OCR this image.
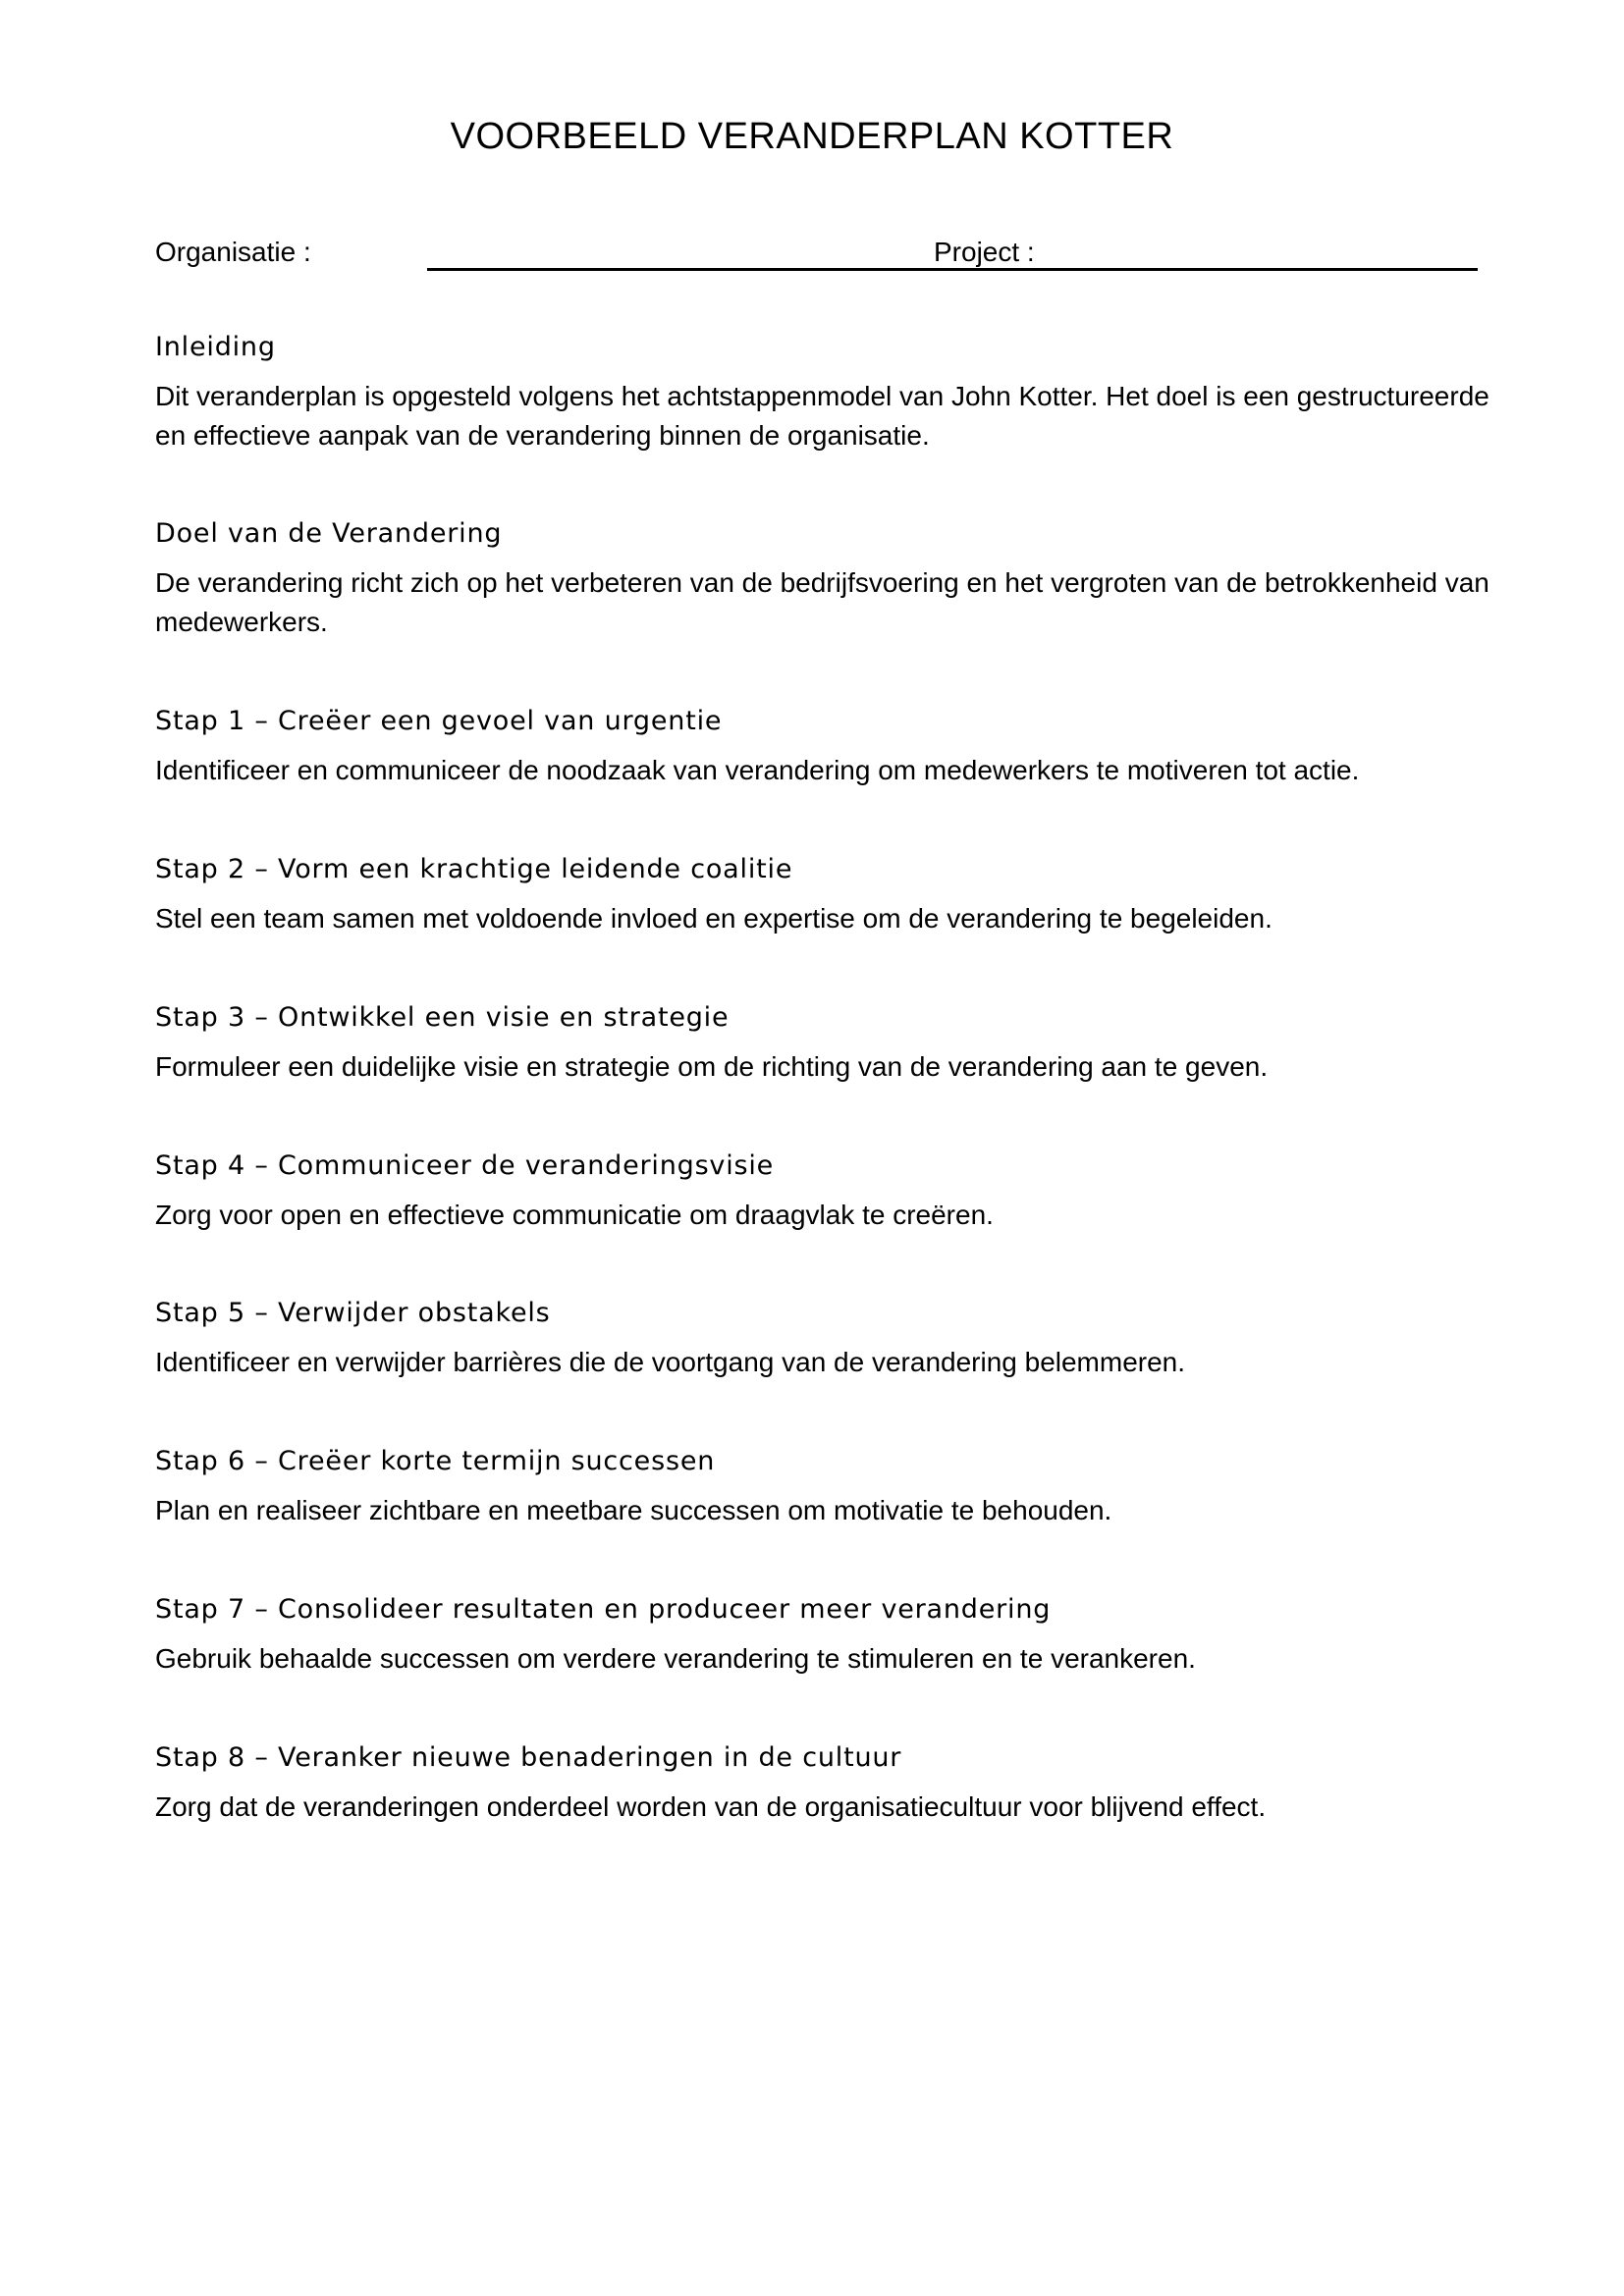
VOORBEELD VERANDERPLAN KOTTER
Organisatie :	Project :

Inleiding

Dit veranderplan is opgesteld volgens het achtstappenmodel van John Kotter. Het doel is een gestructureerde en effectieve aanpak van de verandering binnen de organisatie.

Doel van de Verandering

De verandering richt zich op het verbeteren van de bedrijfsvoering en het vergroten van de betrokkenheid van medewerkers.

Stap 1 – Creëer een gevoel van urgentie

Identificeer en communiceer de noodzaak van verandering om medewerkers te motiveren tot actie.

Stap 2 – Vorm een krachtige leidende coalitie

Stel een team samen met voldoende invloed en expertise om de verandering te begeleiden.

Stap 3 – Ontwikkel een visie en strategie

Formuleer een duidelijke visie en strategie om de richting van de verandering aan te geven.

Stap 4 – Communiceer de veranderingsvisie

Zorg voor open en effectieve communicatie om draagvlak te creëren.

Stap 5 – Verwijder obstakels

Identificeer en verwijder barrières die de voortgang van de verandering belemmeren.

Stap 6 – Creëer korte termijn successen

Plan en realiseer zichtbare en meetbare successen om motivatie te behouden.

Stap 7 – Consolideer resultaten en produceer meer verandering

Gebruik behaalde successen om verdere verandering te stimuleren en te verankeren.

Stap 8 – Veranker nieuwe benaderingen in de cultuur

Zorg dat de veranderingen onderdeel worden van de organisatiecultuur voor blijvend effect.
